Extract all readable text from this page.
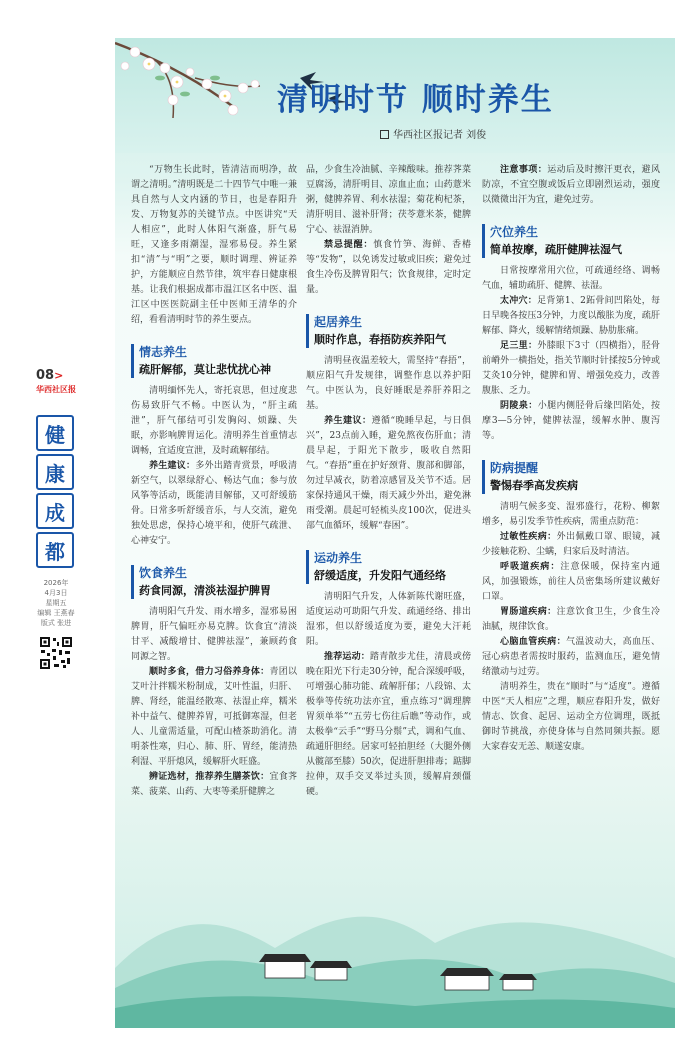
清明时节 顺时养生
华西社区报记者 刘俊

“万物生长此时，皆清洁而明净，故谓之清明。”清明既是二十四节气中唯一兼具自然与人文内涵的节日，也是春阳升发、万物复苏的关键节点。中医讲究“天人相应”，此时人体阳气渐盛，肝气易旺，又逢多雨潮湿，湿邪易侵。养生紧扣“清”与“明”之要，顺时调理、辨证养护，方能顺应自然节律，筑牢春日健康根基。让我们根据成都市温江区名中医、温江区中医医院副主任中医师王清华的介绍，看看清明时节的养生要点。

情志养生
疏肝解郁，莫让悲忧扰心神

清明缅怀先人，寄托哀思，但过度悲伤易致肝气不畅。中医认为，“肝主疏泄”，肝气郁结可引发胸闷、烦躁、失眠，亦影响脾胃运化。清明养生首重情志调畅，宜适度宣泄，及时疏解郁结。

养生建议：多外出踏青赏景，呼吸清新空气，以翠绿舒心、畅达气血；参与放风筝等活动，既能清目解郁，又可舒缓筋骨。日常多听舒缓音乐，与人交流，避免独处思虑，保持心境平和，使肝气疏泄、心神安宁。

饮食养生
药食同源，清淡祛湿护脾胃

清明阳气升发、雨水增多，湿邪易困脾胃，肝气偏旺亦易克脾。饮食宜“清淡甘平、减酸增甘、健脾祛湿”，兼顾药食同源之智。

顺时多食，借力习俗养身体：青团以艾叶汁拌糯米粉制成，艾叶性温，归肝、脾、肾经，能温经散寒、祛湿止痒，糯米补中益气、健脾养胃，可抵御寒湿，但老人、儿童需适量，可配山楂茶助消化。清明茶性寒，归心、肺、肝、胃经，能清热利湿、平肝熄风，缓解肝火旺盛。

辨证选材，推荐养生膳茶饮：宜食荠菜、菠菜、山药、大枣等柔肝健脾之

品，少食生冷油腻、辛辣酸味。推荐荠菜豆腐汤，清肝明目、凉血止血；山药薏米粥，健脾养胃、利水祛湿；菊花枸杞茶，清肝明目、滋补肝肾；茯苓薏米茶，健脾宁心、祛湿消肿。

禁忌提醒：慎食竹笋、海鲜、香椿等“发物”，以免诱发过敏或旧疾；避免过食生冷伤及脾胃阳气；饮食规律，定时定量。

起居养生
顺时作息，春捂防疾养阳气

清明昼夜温差较大，需坚持“春捂”，顺应阳气升发规律，调整作息以养护阳气。中医认为，良好睡眠是养肝养阳之基。

养生建议：遵循“晚睡早起，与日俱兴”，23点前入睡，避免熬夜伤肝血；清晨早起，于阳光下散步，吸收自然阳气。“春捂”重在护好颈背、腹部和脚部，勿过早减衣，防着凉感冒及关节不适。居家保持通风干燥，雨天减少外出，避免淋雨受潮。晨起可轻梳头皮100次，促进头部气血循环，缓解“春困”。

运动养生
舒缓适度，升发阳气通经络

清明阳气升发，人体新陈代谢旺盛，适度运动可助阳气升发、疏通经络、排出湿邪，但以舒缓适度为要，避免大汗耗阳。

推荐运动：踏青散步尤佳，清晨或傍晚在阳光下行走30分钟，配合深缓呼吸，可增强心肺功能、疏解肝郁；八段锦、太极拳等传统功法亦宜，重点练习“调理脾胃须单举”“五劳七伤往后瞧”等动作，或太极拳“云手”“野马分鬃”式，调和气血、疏通肝胆经。居家可轻拍胆经（大腿外侧从髋部至膝）50次，促进肝胆排毒；踮脚拉伸，双手交叉举过头顶，缓解肩颈僵硬。

注意事项：运动后及时擦汗更衣，避风防凉，不宜空腹或饭后立即剧烈运动，强度以微微出汗为宜，避免过劳。

穴位养生
简单按摩，疏肝健脾祛湿气

日常按摩常用穴位，可疏通经络、调畅气血，辅助疏肝、健脾、祛湿。

太冲穴：足背第1、2跖骨间凹陷处，每日早晚各按压3分钟，力度以酸胀为度，疏肝解郁、降火，缓解情绪烦躁、胁肋胀痛。

足三里：外膝眼下3寸（四横指），胫骨前嵴外一横指处，指关节顺时针揉按5分钟或艾灸10分钟，健脾和胃、增强免疫力，改善腹胀、乏力。

阴陵泉：小腿内侧胫骨后缘凹陷处，按摩3—5分钟，健脾祛湿，缓解水肿、腹泻等。

防病提醒
警惕春季高发疾病

清明气候多变、湿邪盛行，花粉、柳絮增多，易引发季节性疾病，需重点防范：

过敏性疾病：外出佩戴口罩、眼镜，减少接触花粉、尘螨，归家后及时清洁。

呼吸道疾病：注意保暖，保持室内通风，加强锻炼，前往人员密集场所建议戴好口罩。

胃肠道疾病：注意饮食卫生，少食生冷油腻，规律饮食。

心脑血管疾病：气温波动大，高血压、冠心病患者需按时服药，监测血压，避免情绪激动与过劳。

清明养生，贵在“顺时”与“适度”。遵循中医“天人相应”之理，顺应春阳升发，做好情志、饮食、起居、运动全方位调理，既抵御时节挑战，亦使身体与自然同频共振。愿大家春安无恙、顺遂安康。

08>
华西社区报
健
康
成
都
2026年
4月3日
星期五
编辑 王燕春
版式 张进
